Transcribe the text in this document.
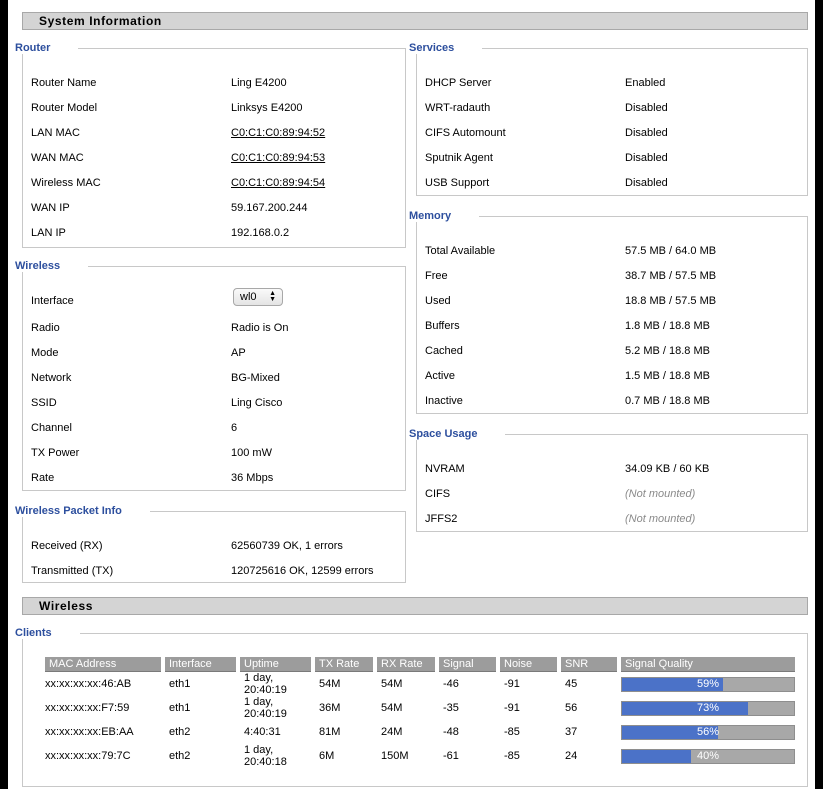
System Information
Router
Router Name	Ling E4200
Router Model	Linksys E4200
LAN MAC	C0:C1:C0:89:94:52
WAN MAC	C0:C1:C0:89:94:53
Wireless MAC	C0:C1:C0:89:94:54
WAN IP	59.167.200.244
LAN IP	192.168.0.2
Wireless
Interface	wl0 ▲
▼
Radio	Radio is On
Mode	AP
Network	BG-Mixed
SSID	Ling Cisco
Channel	6
TX Power	100 mW
Rate	36 Mbps
Wireless Packet Info
Received (RX)	62560739 OK, 1 errors
Transmitted (TX)	120725616 OK, 12599 errors
Services
DHCP Server	Enabled
WRT-radauth	Disabled
CIFS Automount	Disabled
Sputnik Agent	Disabled
USB Support	Disabled
Memory
Total Available	57.5 MB / 64.0 MB
Free	38.7 MB / 57.5 MB
Used	18.8 MB / 57.5 MB
Buffers	1.8 MB / 18.8 MB
Cached	5.2 MB / 18.8 MB
Active	1.5 MB / 18.8 MB
Inactive	0.7 MB / 18.8 MB
Space Usage
NVRAM	34.09 KB / 60 KB
CIFS	(Not mounted)
JFFS2	(Not mounted)
Wireless
Clients
MAC Address	Interface	Uptime	TX Rate	RX Rate	Signal	Noise	SNR	Signal Quality
xx:xx:xx:xx:46:AB	eth1	1 day,
20:40:19	54M	54M	-46	-91	45	59%

xx:xx:xx:xx:F7:59	eth1	1 day,
20:40:19	36M	54M	-35	-91	56	73%

xx:xx:xx:xx:EB:AA	eth2	4:40:31	81M	24M	-48	-85	37	56%

xx:xx:xx:xx:79:7C	eth2	1 day,
20:40:18	6M	150M	-61	-85	24	40%
